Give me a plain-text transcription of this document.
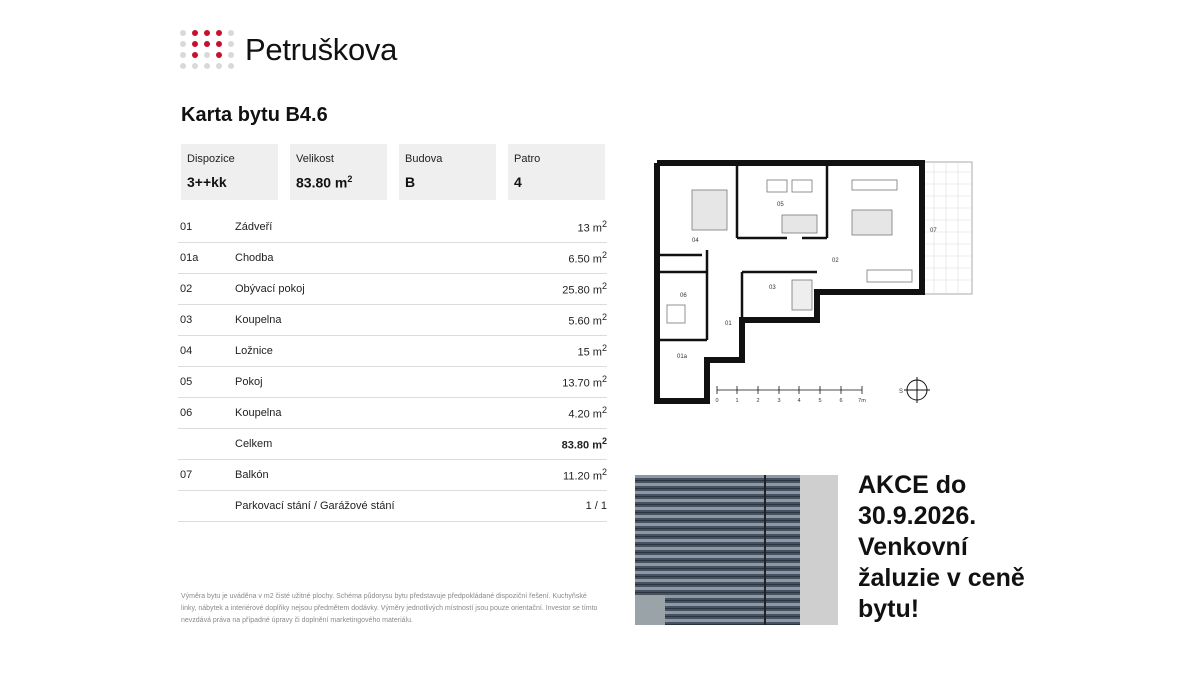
Petruškova
Karta bytu B4.6
Dispozice
3++kk
Velikost
83.80 $m^2$
Budova
B
Patro
4
01	Zádveří	13 $m^2$
01a	Chodba	6.50 $m^2$
02	Obývací pokoj	25.80 $m^2$
03	Koupelna	5.60 $m^2$
04	Ložnice	15 $m^2$
05	Pokoj	13.70 $m^2$
06	Koupelna	4.20 $m^2$
	Celkem	83.80 $m^2$
07	Balkón	11.20 $m^2$
	Parkovací stání / Garážové stání	1 / 1
Výměra bytu je uváděna v m2 čisté užitné plochy. Schéma půdorysu bytu představuje předpokládané dispoziční řešení. Kuchyňské linky, nábytek a interiérové doplňky nejsou předmětem dodávky. Výměry jednotlivých místností jsou pouze orientační. Investor se tímto nevzdává práva na případné úpravy či doplnění marketingového materiálu.
04
05
02
07
06
03
01
01a
0	1	2	3	4	5	6	7m
S
AKCE do
30.9.2026.
Venkovní
žaluzie v ceně
bytu!
